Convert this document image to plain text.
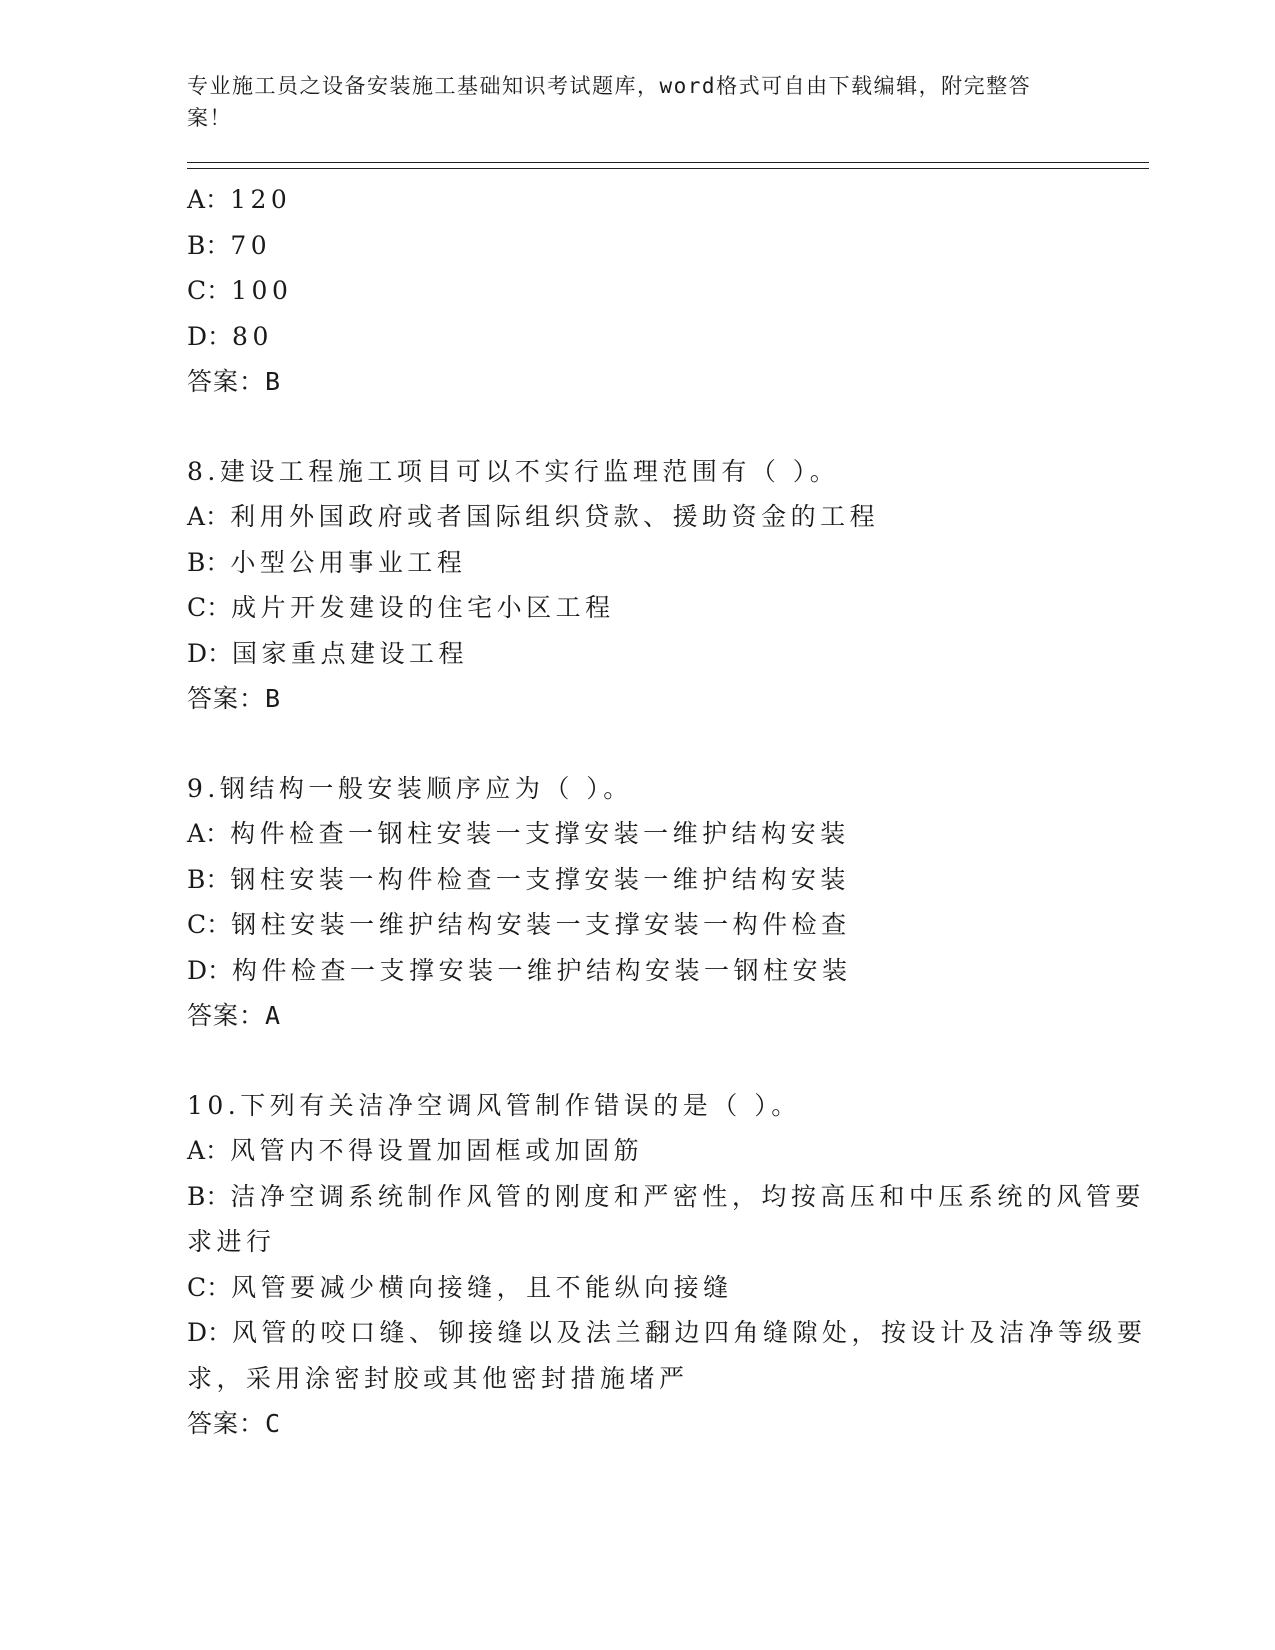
专业施工员之设备安装施工基础知识考试题库，word格式可自由下载编辑，附完整答案！

A：120

B：70

C：100

D：80

答案：B

8.建设工程施工项目可以不实行监理范围有（ ）。

A：利用外国政府或者国际组织贷款、援助资金的工程

B：小型公用事业工程

C：成片开发建设的住宅小区工程

D：国家重点建设工程

答案：B

9.钢结构一般安装顺序应为（ ）。

A：构件检查一钢柱安装一支撑安装一维护结构安装

B：钢柱安装一构件检查一支撑安装一维护结构安装

C：钢柱安装一维护结构安装一支撑安装一构件检查

D：构件检查一支撑安装一维护结构安装一钢柱安装

答案：A

10.下列有关洁净空调风管制作错误的是（ ）。

A：风管内不得设置加固框或加固筋

B：洁净空调系统制作风管的刚度和严密性，均按高压和中压系统的风管要求进行

C：风管要减少横向接缝，且不能纵向接缝

D：风管的咬口缝、铆接缝以及法兰翻边四角缝隙处，按设计及洁净等级要求，采用涂密封胶或其他密封措施堵严

答案：C
